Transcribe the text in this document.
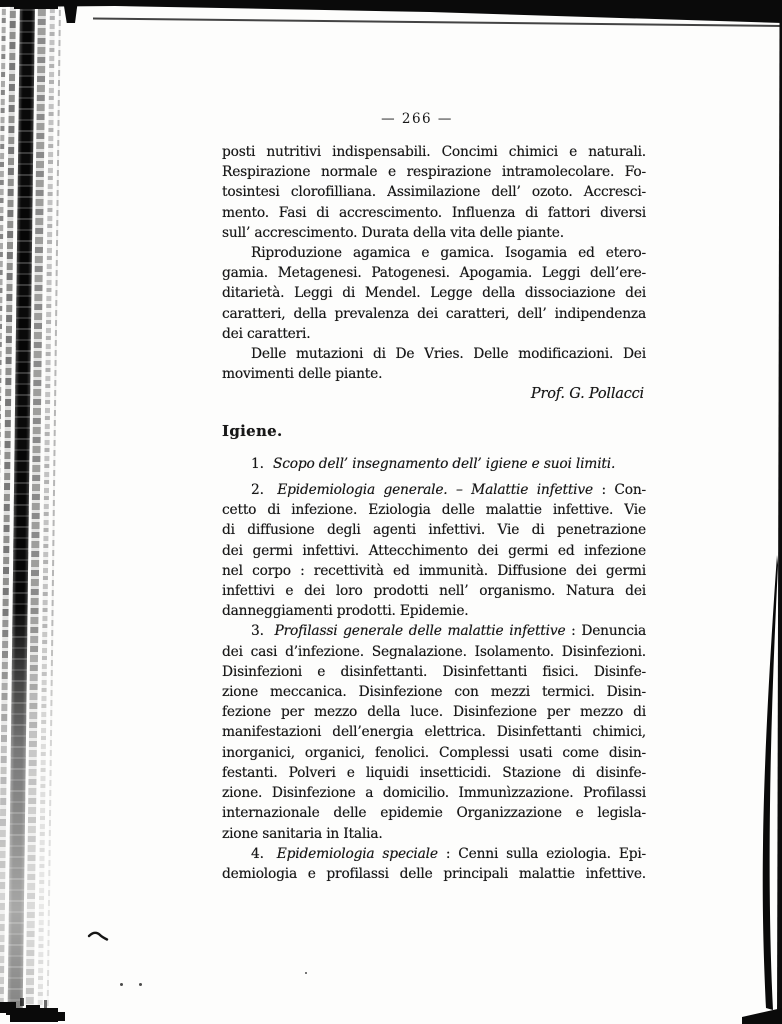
— 266 —
posti nutritivi indispensabili. Concimi chimici e naturali.
Respirazione normale e respirazione intramolecolare. Fo-
tosintesi clorofilliana. Assimilazione dell’ ozoto. Accresci-
mento. Fasi di accrescimento. Influenza di fattori diversi
sull’ accrescimento. Durata della vita delle piante.
Riproduzione agamica e gamica. Isogamia ed etero-
gamia. Metagenesi. Patogenesi. Apogamia. Leggi dell’ere-
ditarietà. Leggi di Mendel. Legge della dissociazione dei
caratteri, della prevalenza dei caratteri, dell’ indipendenza
dei caratteri.
Delle mutazioni di De Vries. Delle modificazioni. Dei
movimenti delle piante.
Prof. G. Pollacci
Igiene.
1. Scopo dell’ insegnamento dell’ igiene e suoi limiti.
2. Epidemiologia generale. – Malattie infettive : Con-
cetto di infezione. Eziologia delle malattie infettive. Vie
di diffusione degli agenti infettivi. Vie di penetrazione
dei germi infettivi. Attecchimento dei germi ed infezione
nel corpo : recettività ed immunità. Diffusione dei germi
infettivi e dei loro prodotti nell’ organismo. Natura dei
danneggiamenti prodotti. Epidemie.
3. Profilassi generale delle malattie infettive : Denuncia
dei casi d’infezione. Segnalazione. Isolamento. Disinfezioni.
Disinfezioni e disinfettanti. Disinfettanti fisici. Disinfe-
zione meccanica. Disinfezione con mezzi termici. Disin-
fezione per mezzo della luce. Disinfezione per mezzo di
manifestazioni dell’energia elettrica. Disinfettanti chimici,
inorganici, organici, fenolici. Complessi usati come disin-
festanti. Polveri e liquidi insetticidi. Stazione di disinfe-
zione. Disinfezione a domicilio. Immunìzzazione. Profilassi
internazionale delle epidemie Organizzazione e legisla-
zione sanitaria in Italia.
4. Epidemiologia speciale : Cenni sulla eziologia. Epi-
demiologia e profilassi delle principali malattie infettive.
